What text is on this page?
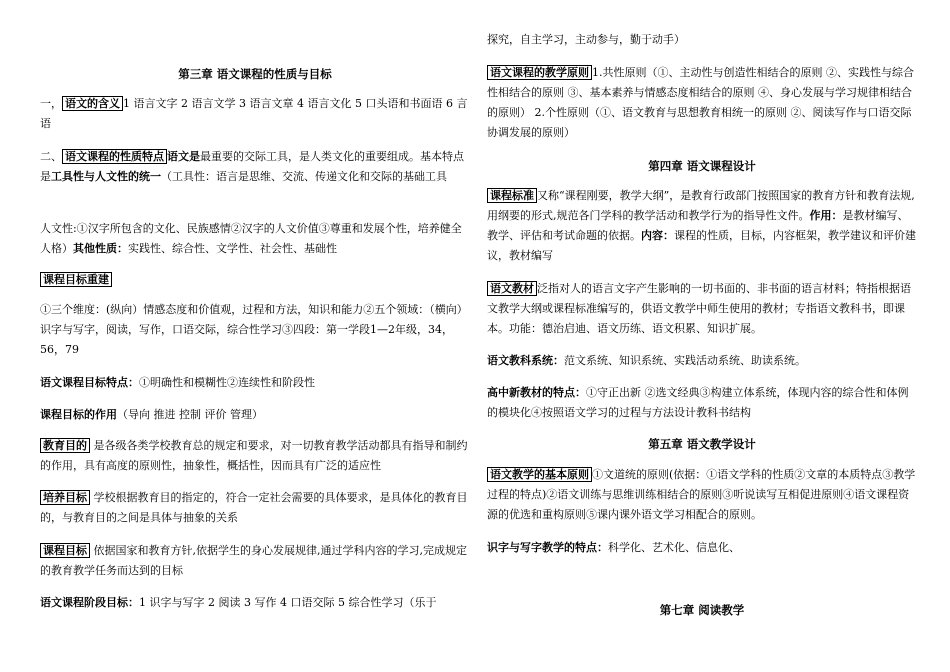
第三章 语文课程的性质与目标
一， 语文的含义 1 语言文字 2 语言文学 3 语言文章 4 语言文化 5 口头语和书面语 6 言语
二、 语文课程的性质特点 语文是最重要的交际工具，是人类文化的重要组成。基本特点是工具性与人文性的统一（工具性：语言是思维、交流、传递文化和交际的基础工具
人文性:①汉字所包含的文化、民族感情②汉字的人文价值③尊重和发展个性，培养健全人格）其他性质：实践性、综合性、文学性、社会性、基础性
课程目标重建
①三个维度：(纵向）情感态度和价值观，过程和方法，知识和能力②五个领域：（横向）识字与写字，阅读，写作，口语交际，综合性学习③四段：第一学段1—2年级，34，56，79
语文课程目标特点：①明确性和模糊性②连续性和阶段性
课程目标的作用（导向 推进 控制 评价 管理）
教育目的 是各级各类学校教育总的规定和要求，对一切教育教学活动都具有指导和制约的作用，具有高度的原则性，抽象性，概括性，因而具有广泛的适应性
培养目标 学校根据教育目的指定的，符合一定社会需要的具体要求，是具体化的教育目的，与教育目的之间是具体与抽象的关系
课程目标 依据国家和教育方针,依据学生的身心发展规律,通过学科内容的学习,完成规定的教育教学任务而达到的目标
语文课程阶段目标：1 识字与写字 2 阅读 3 写作 4 口语交际 5 综合性学习（乐于
探究，自主学习，主动参与，勤于动手）
语文课程的教学原则 1.共性原则（①、主动性与创造性相结合的原则 ②、实践性与综合性相结合的原则 ③、基本素养与情感态度相结合的原则 ④、身心发展与学习规律相结合的原则） 2.个性原则（①、语文教育与思想教育相统一的原则 ②、阅读写作与口语交际协调发展的原则）
第四章 语文课程设计
课程标准 又称“课程刚要，教学大纲”，是教育行政部门按照国家的教育方针和教育法规,用纲要的形式,规范各门学科的教学活动和教学行为的指导性文件。作用：是教材编写、教学、评估和考试命题的依据。内容：课程的性质，目标，内容框架，教学建议和评价建议，教材编写
语文教材 泛指对人的语言文字产生影响的一切书面的、非书面的语言材料；特指根据语文教学大纲或课程标准编写的，供语文教学中师生使用的教材；专指语文教科书，即课本。功能：德治启迪、语文历练、语文积累、知识扩展。
语文教科系统：范文系统、知识系统、实践活动系统、助读系统。
高中新教材的特点：①守正出新 ②选文经典③构建立体系统，体现内容的综合性和体例的模块化④按照语文学习的过程与方法设计教科书结构
第五章 语文教学设计
语文教学的基本原则 ①文道统的原则(依据：①语文学科的性质②文章的本质特点③教学过程的特点)②语文训练与思维训练相结合的原则③听说读写互相促进原则④语文课程资源的优选和重构原则⑤课内课外语文学习相配合的原则。
识字与写字教学的特点：科学化、艺术化、信息化、
第七章 阅读教学
